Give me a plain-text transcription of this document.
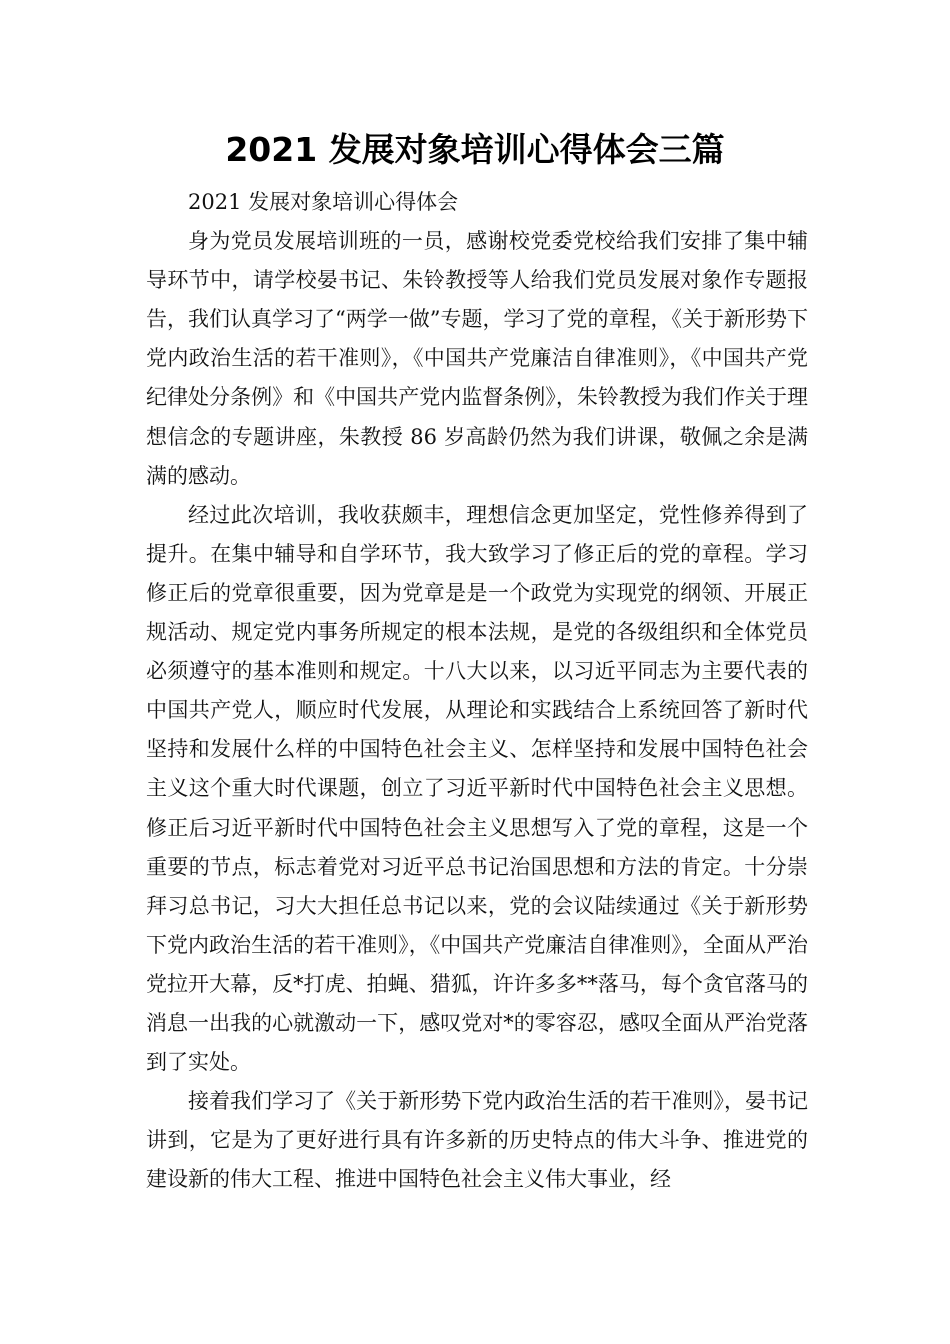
2021 发展对象培训心得体会三篇

2021 发展对象培训心得体会

身为党员发展培训班的一员，感谢校党委党校给我们安排了集中辅导环节中，请学校晏书记、朱铃教授等人给我们党员发展对象作专题报告，我们认真学习了“两学一做”专题，学习了党的章程，《关于新形势下党内政治生活的若干准则》，《中国共产党廉洁自律准则》，《中国共产党纪律处分条例》和《中国共产党内监督条例》，朱铃教授为我们作关于理想信念的专题讲座，朱教授 86 岁高龄仍然为我们讲课，敬佩之余是满满的感动。

经过此次培训，我收获颇丰，理想信念更加坚定，党性修养得到了提升。在集中辅导和自学环节，我大致学习了修正后的党的章程。学习修正后的党章很重要，因为党章是是一个政党为实现党的纲领、开展正规活动、规定党内事务所规定的根本法规，是党的各级组织和全体党员必须遵守的基本准则和规定。十八大以来，以习近平同志为主要代表的中国共产党人，顺应时代发展，从理论和实践结合上系统回答了新时代坚持和发展什么样的中国特色社会主义、怎样坚持和发展中国特色社会主义这个重大时代课题，创立了习近平新时代中国特色社会主义思想。修正后习近平新时代中国特色社会主义思想写入了党的章程，这是一个重要的节点，标志着党对习近平总书记治国思想和方法的肯定。十分崇拜习总书记，习大大担任总书记以来，党的会议陆续通过《关于新形势下党内政治生活的若干准则》，《中国共产党廉洁自律准则》，全面从严治党拉开大幕，反*打虎、拍蝇、猎狐，许许多多**落马，每个贪官落马的消息一出我的心就激动一下，感叹党对*的零容忍，感叹全面从严治党落到了实处。

接着我们学习了《关于新形势下党内政治生活的若干准则》，晏书记讲到，它是为了更好进行具有许多新的历史特点的伟大斗争、推进党的建设新的伟大工程、推进中国特色社会主义伟大事业，经
